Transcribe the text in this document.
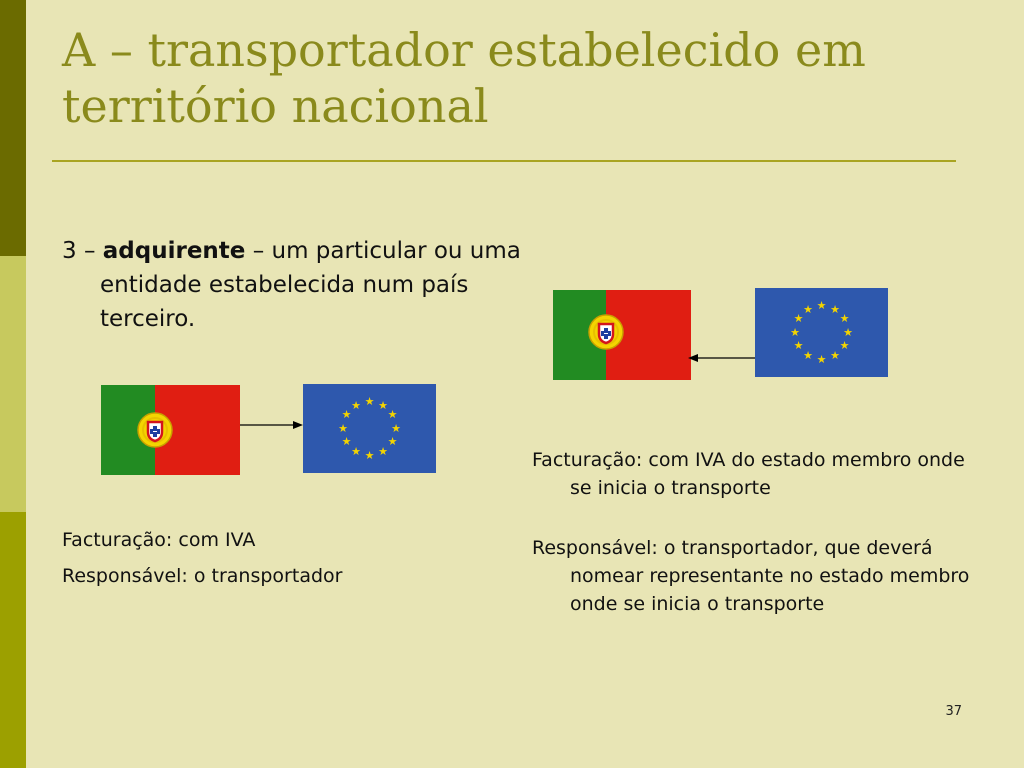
A – transportador estabelecido em território nacional
3 – adquirente – um particular ou uma entidade estabelecida num país terceiro.
★ ★
★
★
★
★
★
★
★
★
★
★
Facturação: com IVA
Responsável: o transportador
★ ★
★
★
★
★
★
★
★
★
★
★
Facturação: com IVA do estado membro onde se inicia o transporte
Responsável: o transportador, que deverá nomear representante no estado membro onde se inicia o transporte
37
